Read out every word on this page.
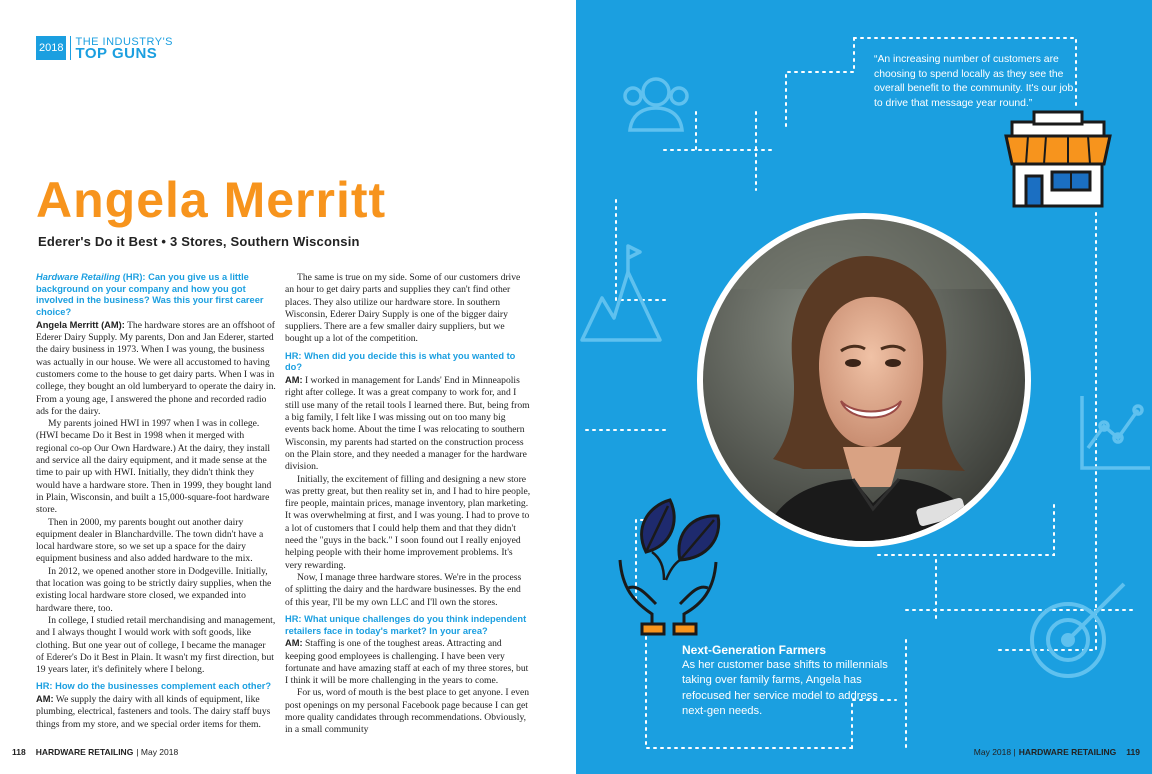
2018 THE INDUSTRY'S
TOP GUNS
Angela Merritt
Ederer's Do it Best • 3 Stores, Southern Wisconsin

Hardware Retailing (HR): Can you give us a little background on your company and how you got involved in the business? Was this your first career choice?

Angela Merritt (AM): The hardware stores are an offshoot of Ederer Dairy Supply. My parents, Don and Jan Ederer, started the dairy business in 1973. When I was young, the business was actually in our house. We were all accustomed to having customers come to the house to get dairy parts. When I was in college, they bought an old lumberyard to operate the dairy in. From a young age, I answered the phone and recorded radio ads for the dairy.

My parents joined HWI in 1997 when I was in college. (HWI became Do it Best in 1998 when it merged with regional co-op Our Own Hardware.) At the dairy, they install and service all the dairy equipment, and it made sense at the time to pair up with HWI. Initially, they didn't think they would have a hardware store. Then in 1999, they bought land in Plain, Wisconsin, and built a 15,000-square-foot hardware store.

Then in 2000, my parents bought out another dairy equipment dealer in Blanchardville. The town didn't have a local hardware store, so we set up a space for the dairy equipment business and also added hardware to the mix.

In 2012, we opened another store in Dodgeville. Initially, that location was going to be strictly dairy supplies, when the existing local hardware store closed, we expanded into hardware there, too.

In college, I studied retail merchandising and management, and I always thought I would work with soft goods, like clothing. But one year out of college, I became the manager of Ederer's Do it Best in Plain. It wasn't my first direction, but 19 years later, it's definitely where I belong.

HR: How do the businesses complement each other?

AM: We supply the dairy with all kinds of equipment, like plumbing, electrical, fasteners and tools. The dairy staff buys things from my store, and we special order items for them.

The same is true on my side. Some of our customers drive an hour to get dairy parts and supplies they can't find other places. They also utilize our hardware store. In southern Wisconsin, Ederer Dairy Supply is one of the bigger dairy suppliers. There are a few smaller dairy suppliers, but we bought up a lot of the competition.

HR: When did you decide this is what you wanted to do?

AM: I worked in management for Lands' End in Minneapolis right after college. It was a great company to work for, and I still use many of the retail tools I learned there. But, being from a big family, I felt like I was missing out on too many big events back home. About the time I was relocating to southern Wisconsin, my parents had started on the construction process on the Plain store, and they needed a manager for the hardware division.

Initially, the excitement of filling and designing a new store was pretty great, but then reality set in, and I had to hire people, fire people, maintain prices, manage inventory, plan marketing. It was overwhelming at first, and I was young. I had to prove to a lot of customers that I could help them and that they didn't need the "guys in the back." I soon found out I really enjoyed helping people with their home improvement problems. It's very rewarding.

Now, I manage three hardware stores. We're in the process of splitting the dairy and the hardware businesses. By the end of this year, I'll be my own LLC and I'll own the stores.

HR: What unique challenges do you think independent retailers face in today's market? In your area?

AM: Staffing is one of the toughest areas. Attracting and keeping good employees is challenging. I have been very fortunate and have amazing staff at each of my three stores, but I think it will be more challenging in the years to come.

For us, word of mouth is the best place to get anyone. I even post openings on my personal Facebook page because I can get more quality candidates through recommendations. Obviously, in a small community

118 HARDWARE RETAILING | May 2018
“An increasing number of customers are choosing to spend locally as they see the overall benefit to the community. It's our job to drive that message year round.”
Next-Generation Farmers
As her customer base shifts to millennials taking over family farms, Angela has refocused her service model to address next-gen needs.
May 2018 | HARDWARE RETAILING 119
